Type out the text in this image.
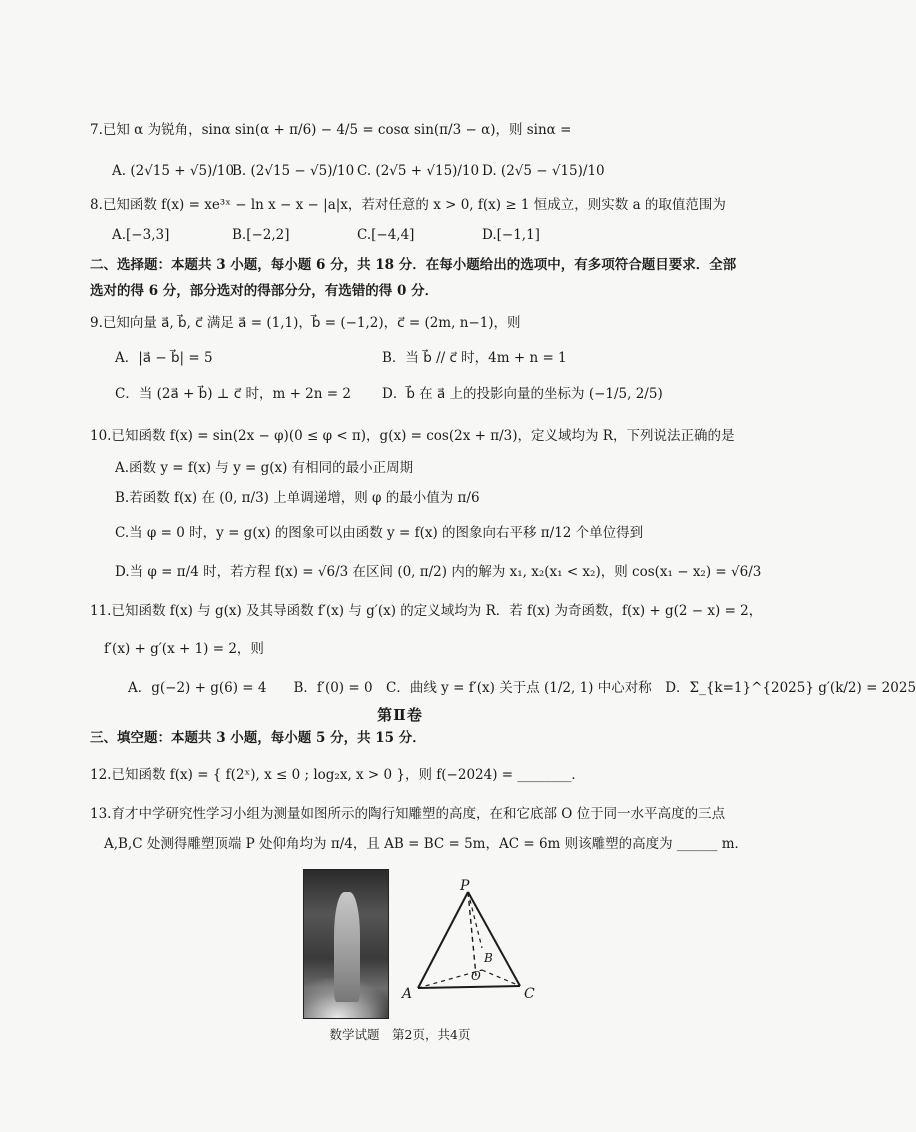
7.已知 α 为锐角，sinα sin(α + π/6) − 4/5 = cosα sin(π/3 − α)，则 sinα =
A. (2√15 + √5)/10
B. (2√15 − √5)/10 C. (2√5 + √15)/10 D. (2√5 − √15)/10
8.已知函数 f(x) = xe³ˣ − ln x − x − |a|x，若对任意的 x > 0, f(x) ≥ 1 恒成立，则实数 a 的取值范围为
A.[−3,3]	B.[−2,2]	C.[−4,4]	D.[−1,1]
二、选择题：本题共 3 小题，每小题 6 分，共 18 分．在每小题给出的选项中，有多项符合题目要求．全部
选对的得 6 分，部分选对的得部分分，有选错的得 0 分．
9.已知向量 a⃗, b⃗, c⃗ 满足 a⃗ = (1,1)，b⃗ = (−1,2)，c⃗ = (2m, n−1)，则
A．|a⃗ − b⃗| = 5	B．当 b⃗ // c⃗ 时，4m + n = 1
C．当 (2a⃗ + b⃗) ⊥ c⃗ 时，m + 2n = 2 D．b⃗ 在 a⃗ 上的投影向量的坐标为 (−1/5, 2/5)
10.已知函数 f(x) = sin(2x − φ)(0 ≤ φ < π)，g(x) = cos(2x + π/3)，定义域均为 R，下列说法正确的是
A.函数 y = f(x) 与 y = g(x) 有相同的最小正周期
B.若函数 f(x) 在 (0, π/3) 上单调递增，则 φ 的最小值为 π/6
C.当 φ = 0 时，y = g(x) 的图象可以由函数 y = f(x) 的图象向右平移 π/12 个单位得到
D.当 φ = π/4 时，若方程 f(x) = √6/3 在区间 (0, π/2) 内的解为 x₁, x₂(x₁ < x₂)，则 cos(x₁ − x₂) = √6/3
11.已知函数 f(x) 与 g(x) 及其导函数 f′(x) 与 g′(x) 的定义域均为 R．若 f(x) 为奇函数，f(x) + g(2 − x) = 2，
f′(x) + g′(x + 1) = 2，则
A．g(−2) + g(6) = 4　　B．f′(0) = 0　C．曲线 y = f′(x) 关于点 (1/2, 1) 中心对称　D．Σ_{k=1}^{2025} g′(k/2) = 2025
第Ⅱ卷
三、填空题：本题共 3 小题，每小题 5 分，共 15 分．
12.已知函数 f(x) = { f(2ˣ), x ≤ 0 ; log₂x, x > 0 }，则 f(−2024) = ________．
13.育才中学研究性学习小组为测量如图所示的陶行知雕塑的高度，在和它底部 O 位于同一水平高度的三点
A,B,C 处测得雕塑顶端 P 处仰角均为 π/4，且 AB = BC = 5m，AC = 6m 则该雕塑的高度为 ______ m．
P
B
O
A	C
数学试题　第2页，共4页
